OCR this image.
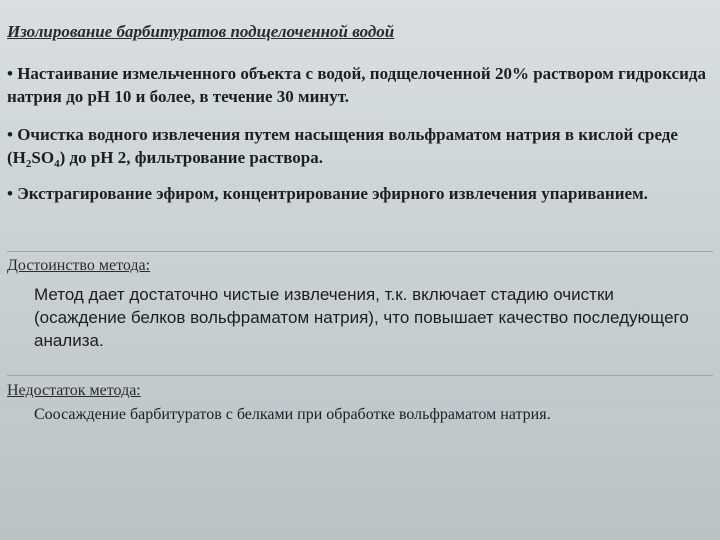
Изолирование барбитуратов подщелоченной водой
• Настаивание измельченного объекта с водой, подщелоченной 20% раствором гидроксида натрия до рН 10 и более, в течение 30 минут.
• Очистка водного извлечения путем насыщения вольфраматом натрия в кислой среде $(H_2SO_4)$ до рН 2, фильтрование раствора.
• Экстрагирование эфиром, концентрирование эфирного извлечения упариванием.
Достоинство метода:
Метод дает достаточно чистые извлечения, т.к. включает стадию очистки (осаждение белков вольфраматом натрия), что повышает качество последующего анализа.
Недостаток метода:
Соосаждение барбитуратов с белками при обработке вольфраматом натрия.
